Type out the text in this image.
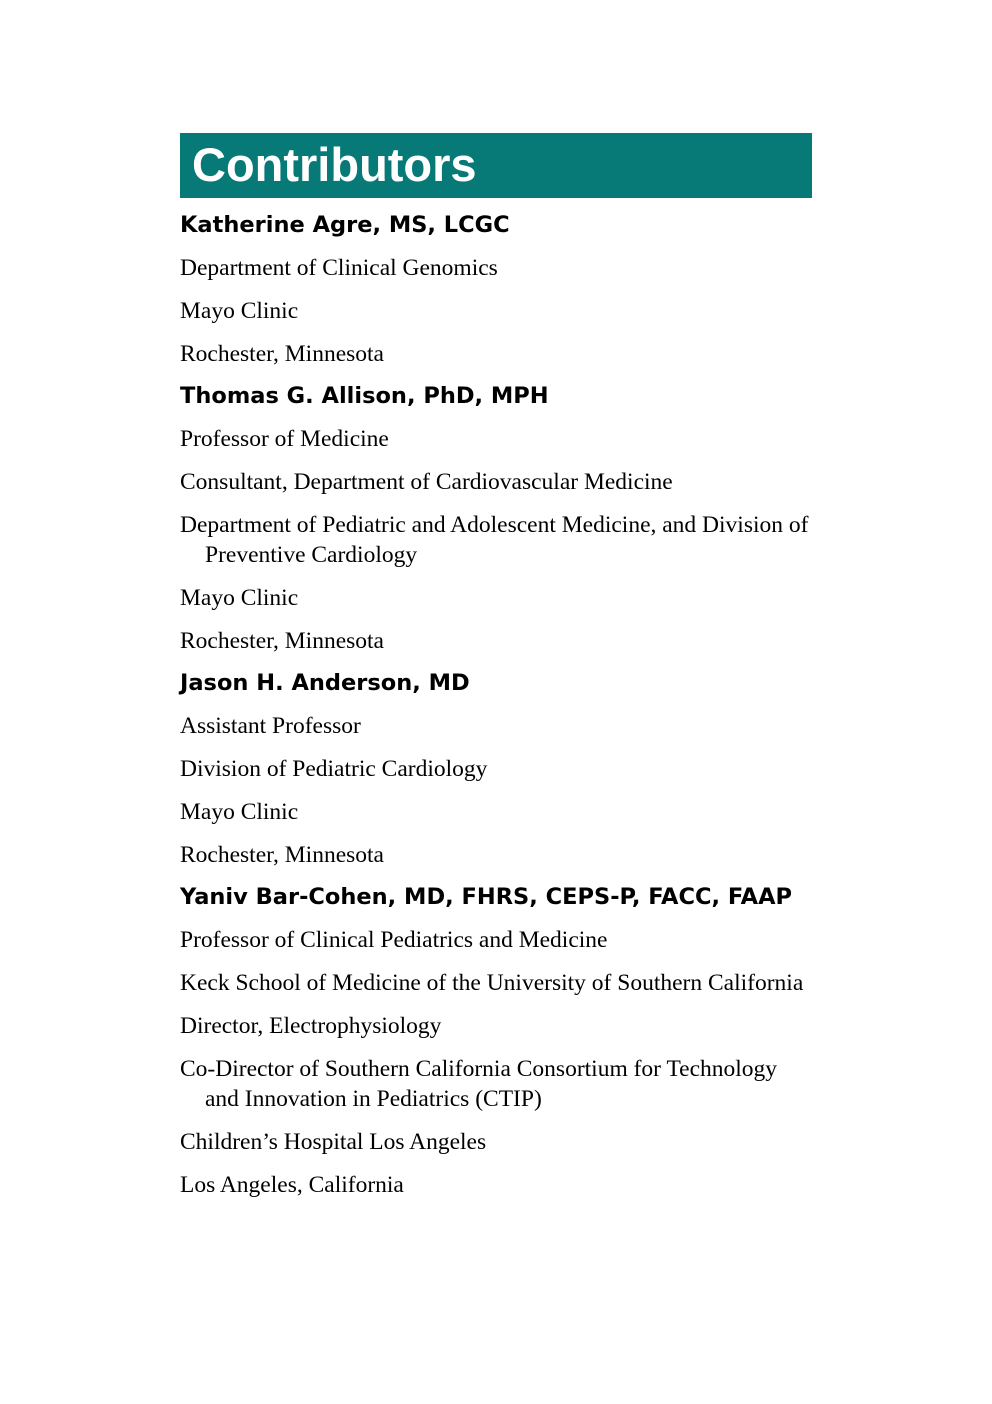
Contributors

Katherine Agre, MS, LCGC

Department of Clinical Genomics

Mayo Clinic

Rochester, Minnesota

Thomas G. Allison, PhD, MPH

Professor of Medicine

Consultant, Department of Cardiovascular Medicine

Department of Pediatric and Adolescent Medicine, and Division of Preventive Cardiology

Mayo Clinic

Rochester, Minnesota

Jason H. Anderson, MD

Assistant Professor

Division of Pediatric Cardiology

Mayo Clinic

Rochester, Minnesota

Yaniv Bar-Cohen, MD, FHRS, CEPS-P, FACC, FAAP

Professor of Clinical Pediatrics and Medicine

Keck School of Medicine of the University of Southern California

Director, Electrophysiology

Co-Director of Southern California Consortium for Technology and Innovation in Pediatrics (CTIP)

Children’s Hospital Los Angeles

Los Angeles, California
